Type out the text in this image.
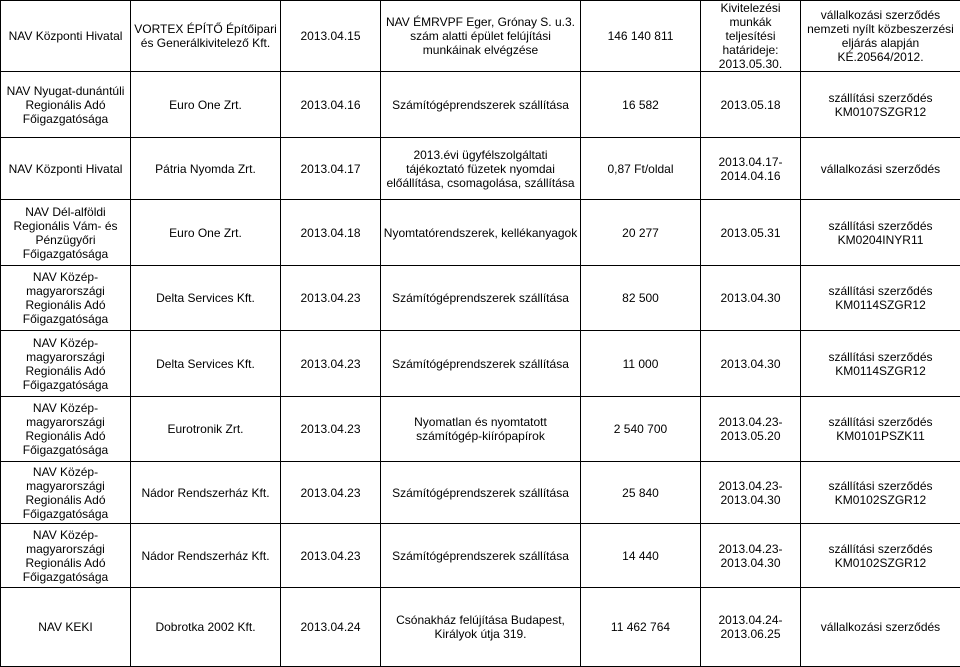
NAV Központi Hivatal	VORTEX ÉPÍTŐ Építőipari és Generálkivitelező Kft.	2013.04.15	NAV ÉMRVPF Eger, Grónay S. u.3. szám alatti épület felújítási munkáinak elvégzése	146 140 811	Kivitelezési munkák teljesítési határideje: 2013.05.30.	vállalkozási szerződés nemzeti nyílt közbeszerzési eljárás alapján KÉ.20564/2012.
NAV Nyugat-dunántúli Regionális Adó Főigazgatósága	Euro One Zrt.	2013.04.16	Számítógéprendszerek szállítása	16 582	2013.05.18	szállítási szerződés KM0107SZGR12
NAV Központi Hivatal	Pátria Nyomda Zrt.	2013.04.17	2013.évi ügyfélszolgáltati tájékoztató füzetek nyomdai előállítása, csomagolása, szállítása	0,87 Ft/oldal	2013.04.17-2014.04.16	vállalkozási szerződés
NAV Dél-alföldi Regionális Vám- és Pénzügyőri Főigazgatósága	Euro One Zrt.	2013.04.18	Nyomtatórendszerek, kellékanyagok	20 277	2013.05.31	szállítási szerződés KM0204INYR11
NAV Közép-magyarországi Regionális Adó Főigazgatósága	Delta Services Kft.	2013.04.23	Számítógéprendszerek szállítása	82 500	2013.04.30	szállítási szerződés KM0114SZGR12
NAV Közép-magyarországi Regionális Adó Főigazgatósága	Delta Services Kft.	2013.04.23	Számítógéprendszerek szállítása	11 000	2013.04.30	szállítási szerződés KM0114SZGR12
NAV Közép-magyarországi Regionális Adó Főigazgatósága	Eurotronik Zrt.	2013.04.23	Nyomatlan és nyomtatott számítógép-kiírópapírok	2 540 700	2013.04.23-2013.05.20	szállítási szerződés KM0101PSZK11
NAV Közép-magyarországi Regionális Adó Főigazgatósága	Nádor Rendszerház Kft.	2013.04.23	Számítógéprendszerek szállítása	25 840	2013.04.23-2013.04.30	szállítási szerződés KM0102SZGR12
NAV Közép-magyarországi Regionális Adó Főigazgatósága	Nádor Rendszerház Kft.	2013.04.23	Számítógéprendszerek szállítása	14 440	2013.04.23-2013.04.30	szállítási szerződés KM0102SZGR12
NAV KEKI	Dobrotka 2002 Kft.	2013.04.24	Csónakház felújítása Budapest, Királyok útja 319.	11 462 764	2013.04.24-2013.06.25	vállalkozási szerződés
